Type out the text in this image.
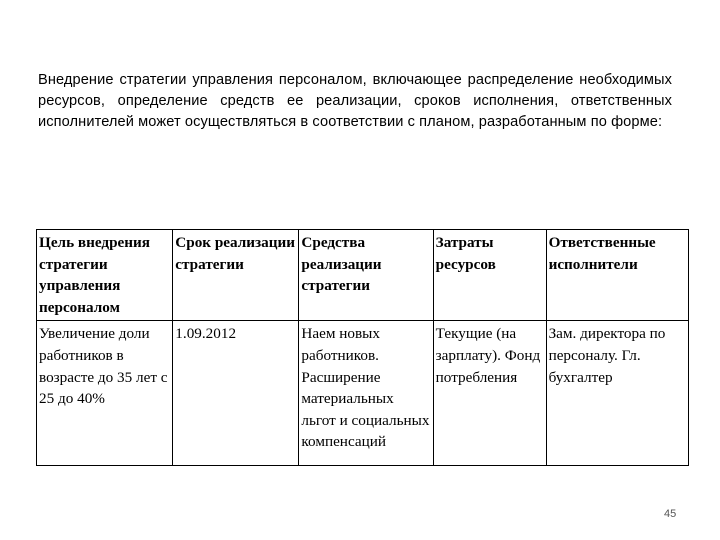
Внедрение стратегии управления персоналом, включающее распределение необходимых ресурсов, определение средств ее реализации, сроков исполнения, ответственных исполнителей может осуществляться в соответствии с планом, разработанным по форме:
Цель внедрения стратегии управления персоналом	Срок реализации стратегии	Средства реализации стратегии	Затраты ресурсов	Ответственные исполнители
Увеличение доли работников в возрасте до 35 лет с 25 до 40%	1.09.2012	Наем новых работников. Расширение материальных льгот и социальных компенсаций	Текущие (на зарплату). Фонд потребления	Зам. директора по персоналу. Гл. бухгалтер
45
